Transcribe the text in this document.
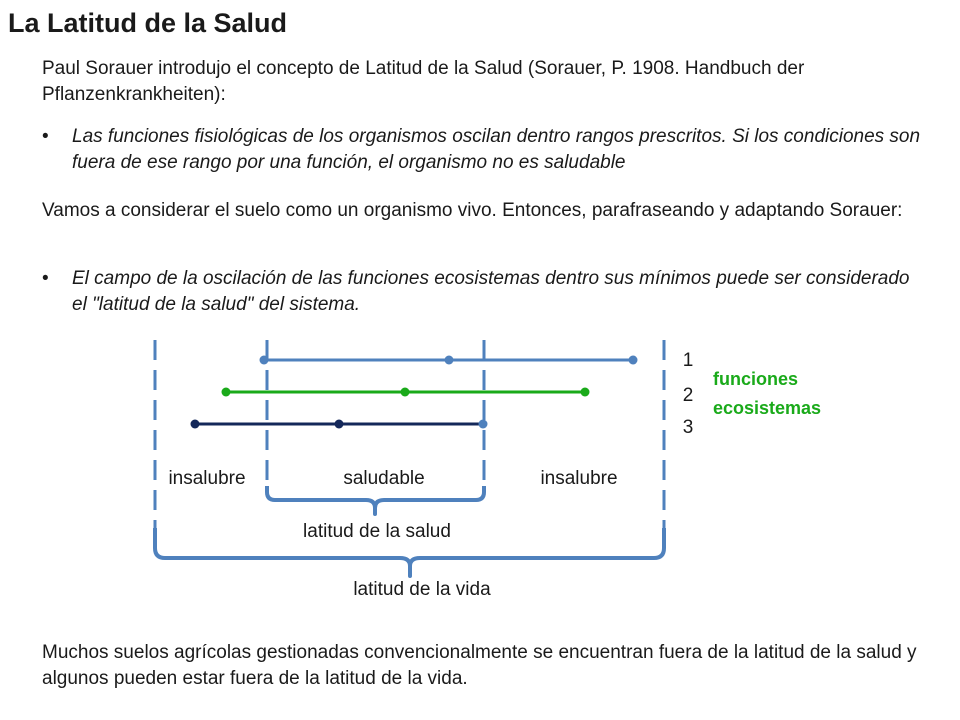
La Latitud de la Salud

Paul Sorauer introdujo el concepto de Latitud de la Salud (Sorauer, P. 1908. Handbuch der Pflanzenkrankheiten):

• Las funciones fisiológicas de los organismos oscilan dentro rangos prescritos. Si los condiciones son fuera de ese rango por una función, el organismo no es saludable

Vamos a considerar el suelo como un organismo vivo. Entonces, parafraseando y adaptando Sorauer:

• El campo de la oscilación de las funciones ecosistemas dentro sus mínimos puede ser considerado el "latitud de la salud" del sistema.
1
2
3
funciones
ecosistemas
insalubre	saludable	insalubre
latitud de la salud
latitud de la vida

Muchos suelos agrícolas gestionadas convencionalmente se encuentran fuera de la latitud de la salud y algunos pueden estar fuera de la latitud de la vida.
